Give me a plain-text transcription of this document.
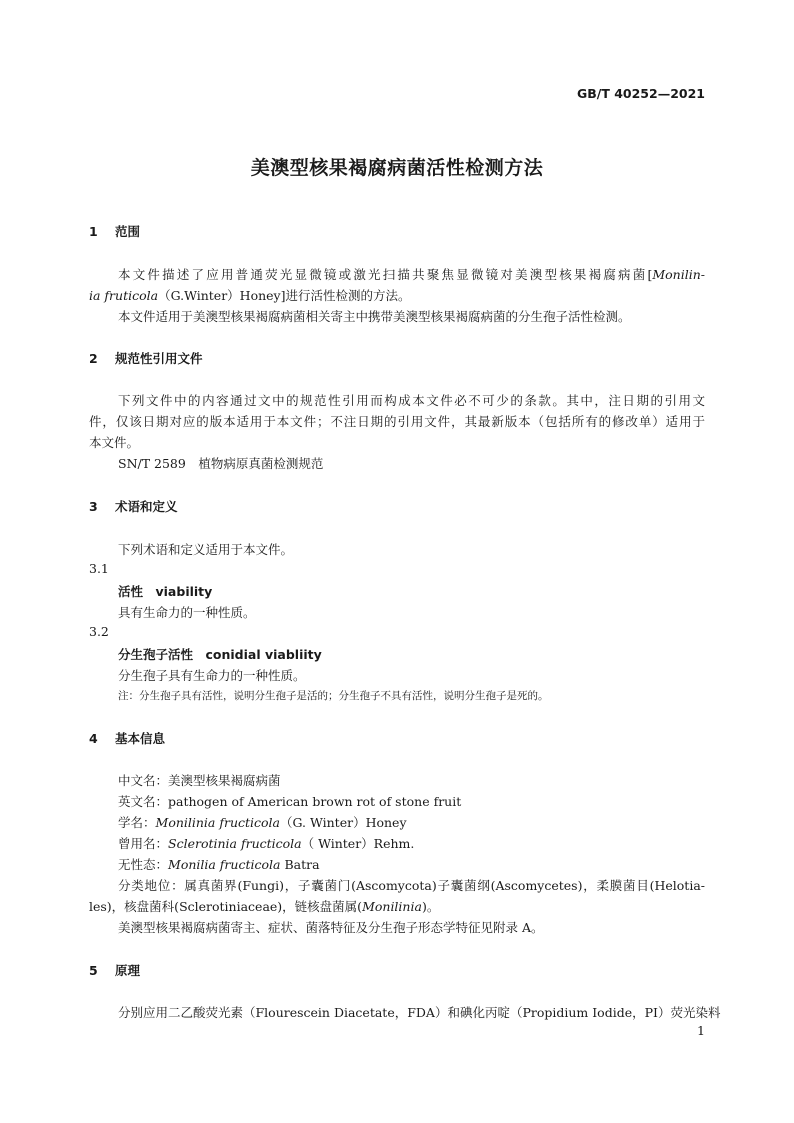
GB/T 40252—2021
美澳型核果褐腐病菌活性检测方法
1 范围
本文件描述了应用普通荧光显微镜或激光扫描共聚焦显微镜对美澳型核果褐腐病菌[Monilin-
ia fruticola（G.Winter）Honey]进行活性检测的方法。
本文件适用于美澳型核果褐腐病菌相关寄主中携带美澳型核果褐腐病菌的分生孢子活性检测。
2 规范性引用文件
下列文件中的内容通过文中的规范性引用而构成本文件必不可少的条款。其中，注日期的引用文
件，仅该日期对应的版本适用于本文件；不注日期的引用文件，其最新版本（包括所有的修改单）适用于
本文件。
SN/T 2589　植物病原真菌检测规范
3 术语和定义
下列术语和定义适用于本文件。
3.1
活性　viability
具有生命力的一种性质。
3.2
分生孢子活性　conidial viabliity
分生孢子具有生命力的一种性质。
注：分生孢子具有活性，说明分生孢子是活的；分生孢子不具有活性，说明分生孢子是死的。
4 基本信息
中文名：美澳型核果褐腐病菌
英文名：pathogen of American brown rot of stone fruit
学名：Monilinia fructicola（G. Winter）Honey
曾用名：Sclerotinia fructicola（ Winter）Rehm.
无性态：Monilia fructicola Batra
分类地位：属真菌界(Fungi)，子囊菌门(Ascomycota)子囊菌纲(Ascomycetes)，柔膜菌目(Helotia-
les)，核盘菌科(Sclerotiniaceae)，链核盘菌属(Monilinia)。
美澳型核果褐腐病菌寄主、症状、菌落特征及分生孢子形态学特征见附录 A。
5 原理
分别应用二乙酸荧光素（Flourescein Diacetate，FDA）和碘化丙啶（Propidium Iodide，PI）荧光染料
1
